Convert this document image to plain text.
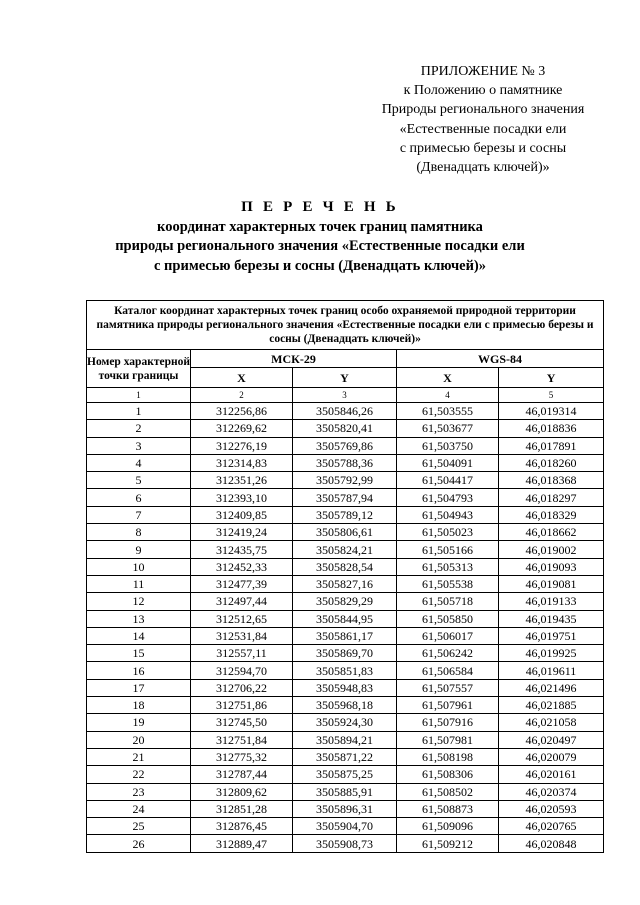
ПРИЛОЖЕНИЕ № 3
к Положению о памятнике
Природы регионального значения
«Естественные посадки ели
с примесью березы и сосны
(Двенадцать ключей)»
П Е Р Е Ч Е Н Ь
координат характерных точек границ памятника
природы регионального значения «Естественные посадки ели
с примесью березы и сосны (Двенадцать ключей)»
Каталог координат характерных точек границ особо охраняемой природной территории памятника природы регионального значения «Естественные посадки ели с примесью березы и сосны (Двенадцать ключей)»				
Номер характерной точки границы	МСК-29		WGS-84	
	X	Y	X	Y
1	2	3	4	5
1	312256,86	3505846,26	61,503555	46,019314
2	312269,62	3505820,41	61,503677	46,018836
3	312276,19	3505769,86	61,503750	46,017891
4	312314,83	3505788,36	61,504091	46,018260
5	312351,26	3505792,99	61,504417	46,018368
6	312393,10	3505787,94	61,504793	46,018297
7	312409,85	3505789,12	61,504943	46,018329
8	312419,24	3505806,61	61,505023	46,018662
9	312435,75	3505824,21	61,505166	46,019002
10	312452,33	3505828,54	61,505313	46,019093
11	312477,39	3505827,16	61,505538	46,019081
12	312497,44	3505829,29	61,505718	46,019133
13	312512,65	3505844,95	61,505850	46,019435
14	312531,84	3505861,17	61,506017	46,019751
15	312557,11	3505869,70	61,506242	46,019925
16	312594,70	3505851,83	61,506584	46,019611
17	312706,22	3505948,83	61,507557	46,021496
18	312751,86	3505968,18	61,507961	46,021885
19	312745,50	3505924,30	61,507916	46,021058
20	312751,84	3505894,21	61,507981	46,020497
21	312775,32	3505871,22	61,508198	46,020079
22	312787,44	3505875,25	61,508306	46,020161
23	312809,62	3505885,91	61,508502	46,020374
24	312851,28	3505896,31	61,508873	46,020593
25	312876,45	3505904,70	61,509096	46,020765
26	312889,47	3505908,73	61,509212	46,020848
